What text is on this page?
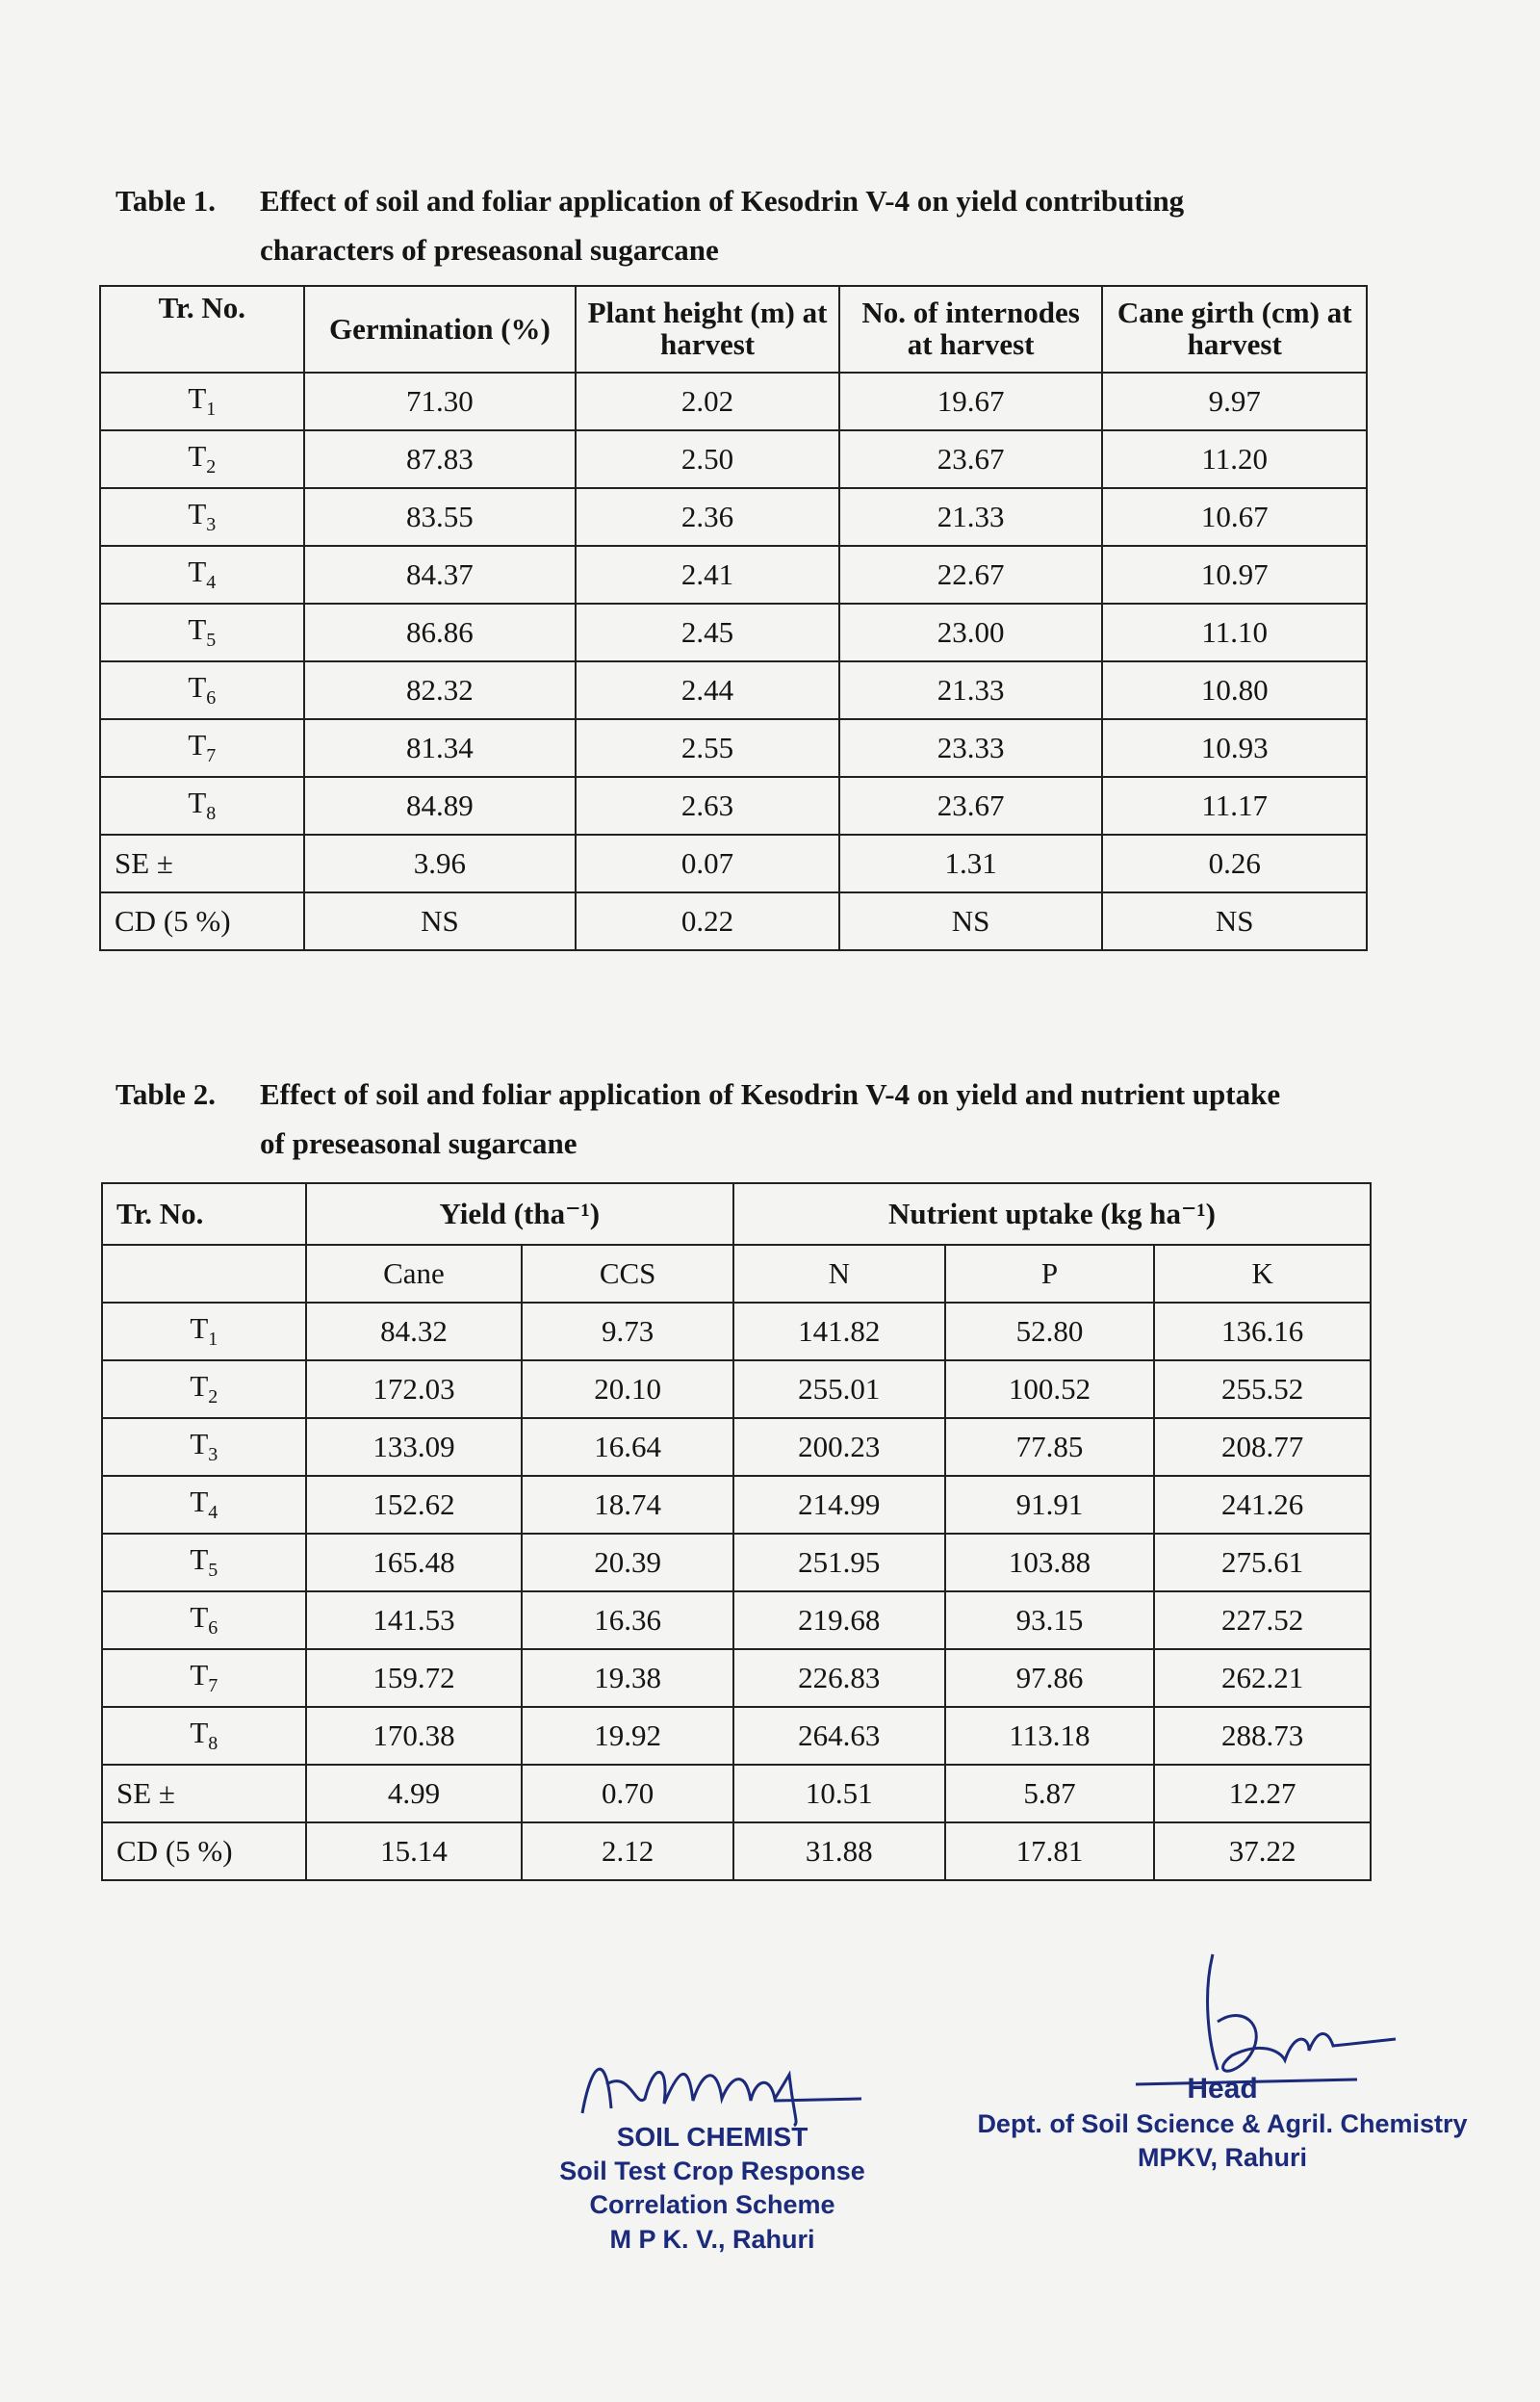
Table 1. Effect of soil and foliar application of Kesodrin V-4 on yield contributing
characters of preseasonal sugarcane
Tr. No.	Germination (%)	Plant height (m) at harvest	No. of internodes at harvest	Cane girth (cm) at harvest
$T_1$	71.30	2.02	19.67	9.97
$T_2$	87.83	2.50	23.67	11.20
$T_3$	83.55	2.36	21.33	10.67
$T_4$	84.37	2.41	22.67	10.97
$T_5$	86.86	2.45	23.00	11.10
$T_6$	82.32	2.44	21.33	10.80
$T_7$	81.34	2.55	23.33	10.93
$T_8$	84.89	2.63	23.67	11.17
SE ±	3.96	0.07	1.31	0.26
CD (5 %)	NS	0.22	NS	NS
Table 2. Effect of soil and foliar application of Kesodrin V-4 on yield and nutrient uptake
of preseasonal sugarcane
Tr. No.	Yield (tha⁻¹)		Nutrient uptake (kg ha⁻¹)		
	Cane	CCS	N	P	K
$T_1$	84.32	9.73	141.82	52.80	136.16
$T_2$	172.03	20.10	255.01	100.52	255.52
$T_3$	133.09	16.64	200.23	77.85	208.77
$T_4$	152.62	18.74	214.99	91.91	241.26
$T_5$	165.48	20.39	251.95	103.88	275.61
$T_6$	141.53	16.36	219.68	93.15	227.52
$T_7$	159.72	19.38	226.83	97.86	262.21
$T_8$	170.38	19.92	264.63	113.18	288.73
SE ±	4.99	0.70	10.51	5.87	12.27
CD (5 %)	15.14	2.12	31.88	17.81	37.22
SOIL CHEMIST
Soil Test Crop Response
Correlation Scheme
M P K. V., Rahuri
Head
Dept. of Soil Science & Agril. Chemistry
MPKV, Rahuri
